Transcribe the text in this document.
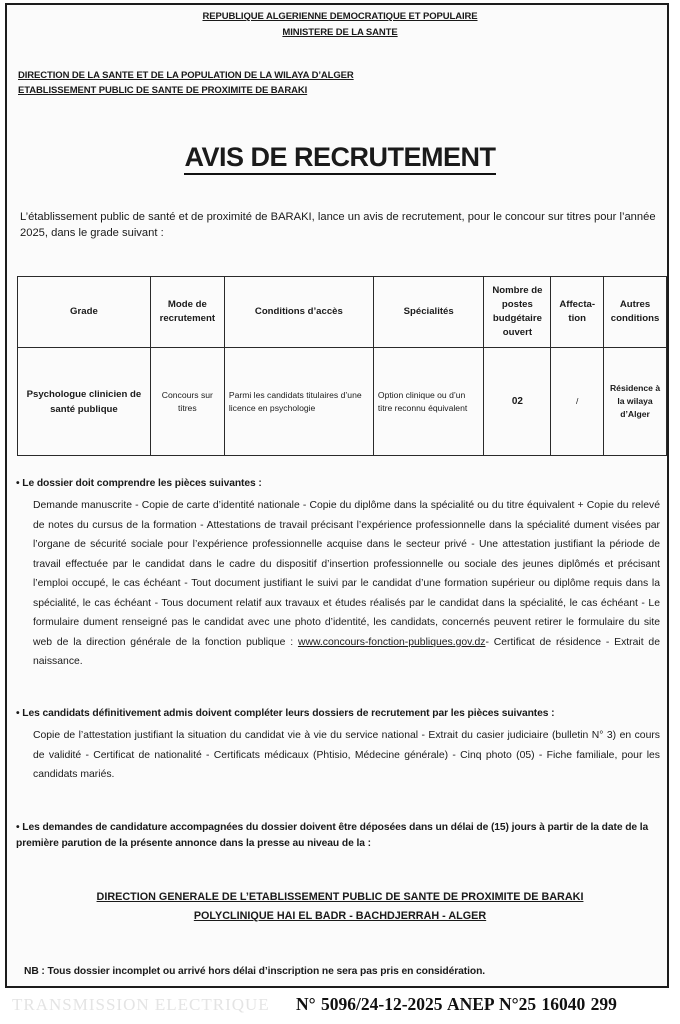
REPUBLIQUE ALGERIENNE DEMOCRATIQUE ET POPULAIRE
MINISTERE DE LA SANTE
DIRECTION DE LA SANTE ET DE LA POPULATION DE LA WILAYA D’ALGER
ETABLISSEMENT PUBLIC DE SANTE DE PROXIMITE DE BARAKI
AVIS DE RECRUTEMENT
L’établissement public de santé et de proximité de BARAKI, lance un avis de recrutement, pour le concour sur titres pour l’année 2025, dans le grade suivant :
Grade	Mode de recrutement	Conditions d’accès	Spécialités	Nombre de postes budgétaire ouvert	Affecta-tion	Autres conditions
Psychologue clinicien de santé publique	Concours sur titres	Parmi les candidats titulaires d’une licence en psychologie	Option clinique ou d’un titre reconnu équivalent	02	/	Résidence à la wilaya d’Alger
• Le dossier doit comprendre les pièces suivantes :
Demande manuscrite - Copie de carte d’identité nationale - Copie du diplôme dans la spécialité ou du titre équivalent + Copie du relevé de notes du cursus de la formation - Attestations de travail précisant l’expérience professionnelle dans la spécialité dument visées par l’organe de sécurité sociale pour l’expérience professionnelle acquise dans le secteur privé - Une attestation justifiant la période de travail effectuée par le candidat dans le cadre du dispositif d’insertion professionnelle ou sociale des jeunes diplômés et précisant l’emploi occupé, le cas échéant - Tout document justifiant le suivi par le candidat d’une formation supérieur ou diplôme requis dans la spécialité, le cas échéant - Tous document relatif aux travaux et études réalisés par le candidat dans la spécialité, le cas échéant - Le formulaire dument renseigné pas le candidat avec une photo d’identité, les candidats, concernés peuvent retirer le formulaire du site web de la direction générale de la fonction publique : www.concours-fonction-publiques.gov.dz- Certificat de résidence - Extrait de naissance.
• Les candidats définitivement admis doivent compléter leurs dossiers de recrutement par les pièces suivantes :
Copie de l’attestation justifiant la situation du candidat vie à vie du service national - Extrait du casier judiciaire (bulletin N° 3) en cours de validité - Certificat de nationalité - Certificats médicaux (Phtisio, Médecine générale) - Cinq photo (05) - Fiche familiale, pour les candidats mariés.
• Les demandes de candidature accompagnées du dossier doivent être déposées dans un délai de (15) jours à partir de la date de la première parution de la présente annonce dans la presse au niveau de la :
DIRECTION GENERALE DE L’ETABLISSEMENT PUBLIC DE SANTE DE PROXIMITE DE BARAKI
POLYCLINIQUE HAI EL BADR - BACHDJERRAH - ALGER
NB : Tous dossier incomplet ou arrivé hors délai d’inscription ne sera pas pris en considération.
TRANSMISSION ELECTRIQUE N° 5096/24-12-2025 ANEP N°25 16040 299
